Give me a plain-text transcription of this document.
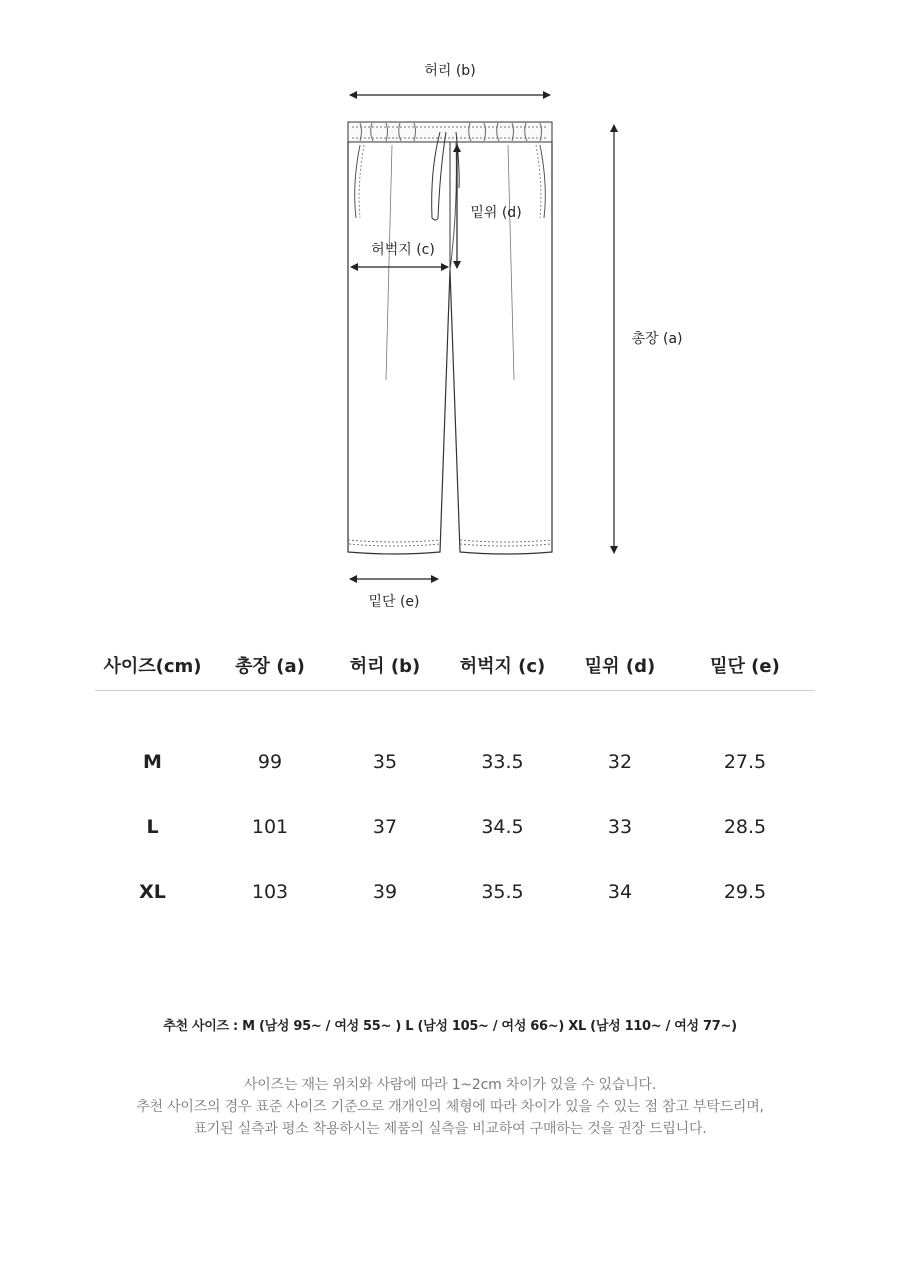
허리 (b)
밑위 (d)
허벅지 (c)
총장 (a)
밑단 (e)
사이즈(cm)	총장 (a)	허리 (b)	허벅지 (c)	밑위 (d)	밑단 (e)

M	99	35	33.5	32	27.5
L	101	37	34.5	33	28.5
XL	103	39	35.5	34	29.5
추천 사이즈 : M (남성 95~ / 여성 55~ ) L (남성 105~ / 여성 66~) XL (남성 110~ / 여성 77~)
사이즈는 재는 위치와 사람에 따라 1~2cm 차이가 있을 수 있습니다.
추천 사이즈의 경우 표준 사이즈 기준으로 개개인의 체형에 따라 차이가 있을 수 있는 점 참고 부탁드리며,
표기된 실측과 평소 착용하시는 제품의 실측을 비교하여 구매하는 것을 권장 드립니다.
